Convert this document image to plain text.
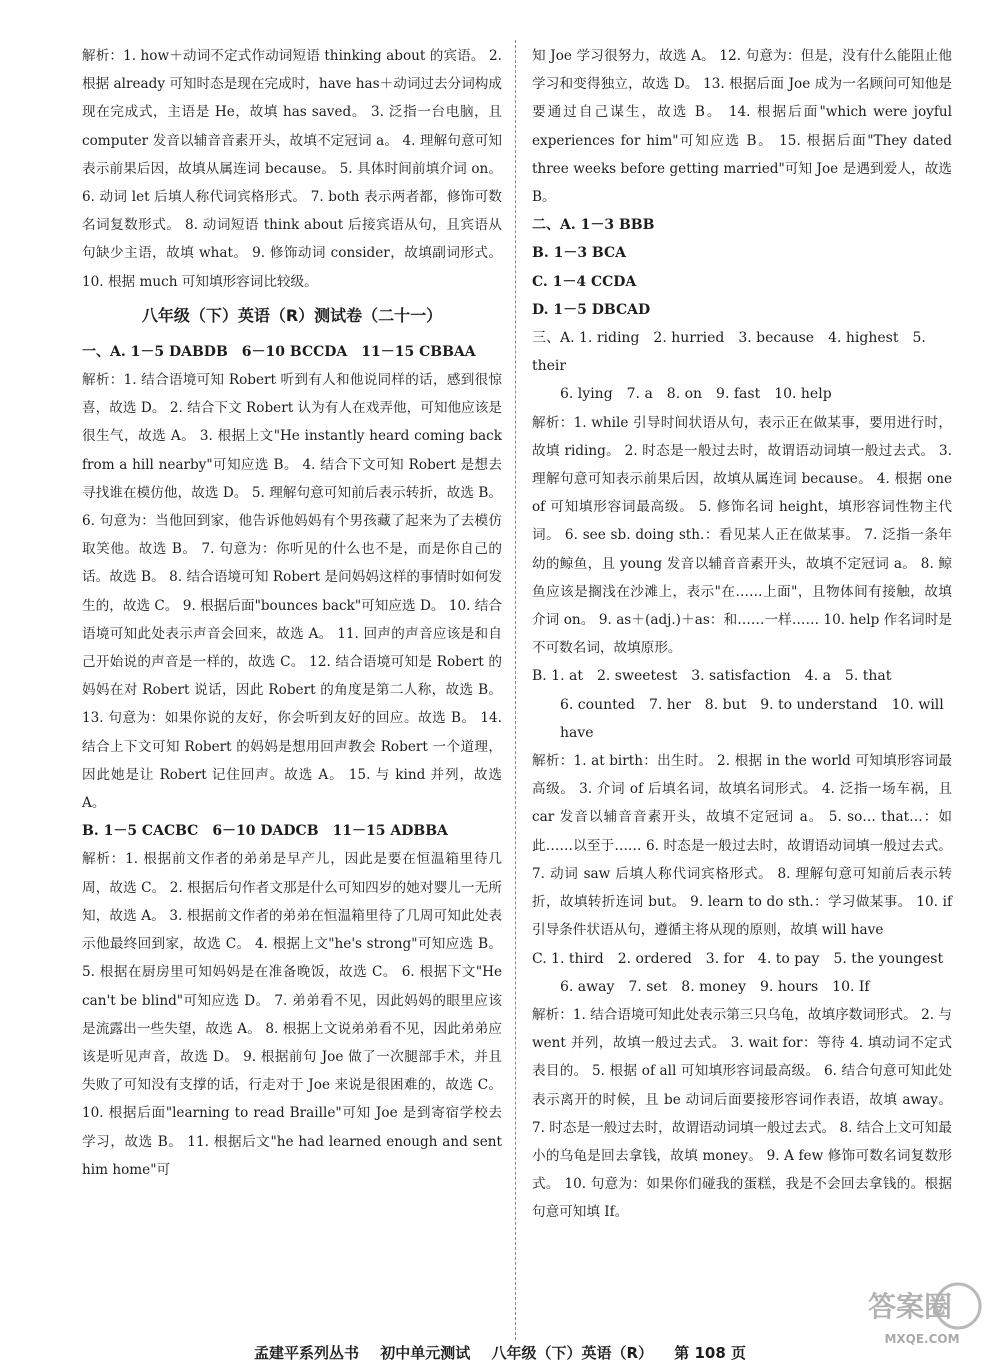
解析：1. how＋动词不定式作动词短语 thinking about 的宾语。 2. 根据 already 可知时态是现在完成时，have has＋动词过去分词构成现在完成式，主语是 He，故填 has saved。 3. 泛指一台电脑，且 computer 发音以辅音音素开头，故填不定冠词 a。 4. 理解句意可知表示前果后因，故填从属连词 because。 5. 具体时间前填介词 on。 6. 动词 let 后填人称代词宾格形式。 7. both 表示两者都，修饰可数名词复数形式。 8. 动词短语 think about 后接宾语从句，且宾语从句缺少主语，故填 what。 9. 修饰动词 consider，故填副词形式。 10. 根据 much 可知填形容词比较级。

八年级（下）英语（R）测试卷（二十一）

一、A. 1－5 DABDB　6－10 BCCDA　11－15 CBBAA

解析：1. 结合语境可知 Robert 听到有人和他说同样的话，感到很惊喜，故选 D。 2. 结合下文 Robert 认为有人在戏弄他，可知他应该是很生气，故选 A。 3. 根据上文"He instantly heard coming back from a hill nearby"可知应选 B。 4. 结合下文可知 Robert 是想去寻找谁在模仿他，故选 D。 5. 理解句意可知前后表示转折，故选 B。 6. 句意为：当他回到家，他告诉他妈妈有个男孩藏了起来为了去模仿取笑他。故选 B。 7. 句意为：你听见的什么也不是，而是你自己的话。故选 B。 8. 结合语境可知 Robert 是问妈妈这样的事情时如何发生的，故选 C。 9. 根据后面"bounces back"可知应选 D。 10. 结合语境可知此处表示声音会回来，故选 A。 11. 回声的声音应该是和自己开始说的声音是一样的，故选 C。 12. 结合语境可知是 Robert 的妈妈在对 Robert 说话，因此 Robert 的角度是第二人称，故选 B。 13. 句意为：如果你说的友好，你会听到友好的回应。故选 B。 14. 结合上下文可知 Robert 的妈妈是想用回声教会 Robert 一个道理，因此她是让 Robert 记住回声。故选 A。 15. 与 kind 并列，故选 A。

B. 1－5 CACBC　6－10 DADCB　11－15 ADBBA

解析：1. 根据前文作者的弟弟是早产儿，因此是要在恒温箱里待几周，故选 C。 2. 根据后句作者文那是什么可知四岁的她对婴儿一无所知，故选 A。 3. 根据前文作者的弟弟在恒温箱里待了几周可知此处表示他最终回到家，故选 C。 4. 根据上文"he's strong"可知应选 B。 5. 根据在厨房里可知妈妈是在准备晚饭，故选 C。 6. 根据下文"He can't be blind"可知应选 D。 7. 弟弟看不见，因此妈妈的眼里应该是流露出一些失望，故选 A。 8. 根据上文说弟弟看不见，因此弟弟应该是听见声音，故选 D。 9. 根据前句 Joe 做了一次腿部手术，并且失败了可知没有支撑的话，行走对于 Joe 来说是很困难的，故选 C。 10. 根据后面"learning to read Braille"可知 Joe 是到寄宿学校去学习，故选 B。 11. 根据后文"he had learned enough and sent him home"可

知 Joe 学习很努力，故选 A。 12. 句意为：但是，没有什么能阻止他学习和变得独立，故选 D。 13. 根据后面 Joe 成为一名顾问可知他是要通过自己谋生，故选 B。 14. 根据后面"which were joyful experiences for him"可知应选 B。 15. 根据后面"They dated three weeks before getting married"可知 Joe 是遇到爱人，故选 B。

二、A. 1－3 BBB

B. 1－3 BCA

C. 1－4 CCDA

D. 1－5 DBCAD

三、A. 1. riding　2. hurried　3. because　4. highest　5. their

6. lying　7. a　8. on　9. fast　10. help

解析：1. while 引导时间状语从句，表示正在做某事，要用进行时，故填 riding。 2. 时态是一般过去时，故谓语动词填一般过去式。 3. 理解句意可知表示前果后因，故填从属连词 because。 4. 根据 one of 可知填形容词最高级。 5. 修饰名词 height，填形容词性物主代词。 6. see sb. doing sth.：看见某人正在做某事。 7. 泛指一条年幼的鲸鱼，且 young 发音以辅音音素开头，故填不定冠词 a。 8. 鲸鱼应该是搁浅在沙滩上，表示"在……上面"，且物体间有接触，故填介词 on。 9. as＋(adj.)＋as：和……一样…… 10. help 作名词时是不可数名词，故填原形。

B. 1. at　2. sweetest　3. satisfaction　4. a　5. that

6. counted　7. her　8. but　9. to understand　10. will have

解析：1. at birth：出生时。 2. 根据 in the world 可知填形容词最高级。 3. 介词 of 后填名词，故填名词形式。 4. 泛指一场车祸，且 car 发音以辅音音素开头，故填不定冠词 a。 5. so… that…：如此……以至于…… 6. 时态是一般过去时，故谓语动词填一般过去式。 7. 动词 saw 后填人称代词宾格形式。 8. 理解句意可知前后表示转折，故填转折连词 but。 9. learn to do sth.：学习做某事。 10. if 引导条件状语从句，遵循主将从现的原则，故填 will have

C. 1. third　2. ordered　3. for　4. to pay　5. the youngest

6. away　7. set　8. money　9. hours　10. If

解析：1. 结合语境可知此处表示第三只乌龟，故填序数词形式。 2. 与 went 并列，故填一般过去式。 3. wait for：等待 4. 填动词不定式表目的。 5. 根据 of all 可知填形容词最高级。 6. 结合句意可知此处表示离开的时候，且 be 动词后面要接形容词作表语，故填 away。 7. 时态是一般过去时，故谓语动词填一般过去式。 8. 结合上文可知最小的乌龟是回去拿钱，故填 money。 9. A few 修饰可数名词复数形式。 10. 句意为：如果你们碰我的蛋糕，我是不会回去拿钱的。根据句意可知填 If。

孟建平系列丛书 初中单元测试 八年级（下）英语（R） 第 108 页
答案圈
MXQE.COM
